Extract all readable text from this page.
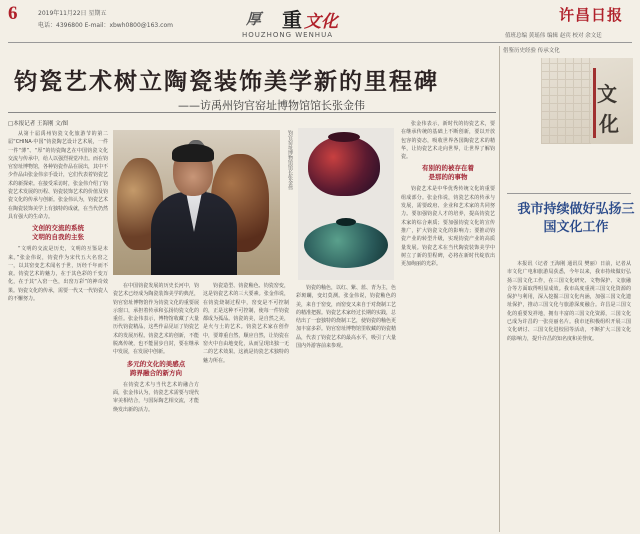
6	2019年11月22日 星期五
电话：4396800 E-mail：xbwh0800@163.com	厚 重 文化
HOUZHONG WENHUA
许昌日报
值班总编 黄瑶伟 编辑 赵宾 校对 余文廷
钧瓷艺术树立陶瓷装饰美学新的里程碑
——访禹州钧官窑址博物馆馆长张金伟
□本报记者 王海刚 文/图
从第十届禹州钧瓷文化旅游节的第二届“CHINA·中国”钧瓷陶艺设计艺术展，一件一件“薄”、“厚”的钧瓷陶艺在中国钧瓷文化交流与传承中，给人以强烈视觉冲击。而在钧官窑址博物馆，各种钧瓷作品在展出，其中不少作品由张金伟亲手设计，它们代表着钧瓷艺术的新探索。在接受采访时，张金伟介绍了钧瓷艺术发展的历程、钧瓷装饰艺术的价值及钧瓷文化的传承与创新。张金伟认为，钧瓷艺术在陶瓷装饰美学上有独特的成就，在当代仍然具有强大的生命力。
文创的交流的系统
文明的自我的主张
“文明的交流是历史，文明的互鉴是未来。”张金伟说，钧瓷作为宋代五大名窑之一，以其窑变艺术闻名于世，历经千年而不衰。钧瓷艺术的魅力，在于其色彩的千变万化，在于其“入窑一色，出窑万彩”的神奇效果。钧瓷文化的传承，需要一代又一代钧瓷人的不懈努力。
钧官窑址博物馆馆长张金伟
在中国钧瓷发展的历史长河中，钧瓷艺术已经成为陶瓷装饰美学的典范，钧官窑址博物馆作为钧瓷文化的重要展示窗口，承担着传承和弘扬钧瓷文化的重任。张金伟表示，博物馆收藏了大量历代钧瓷精品，这些作品见证了钧瓷艺术的发展历程。钧瓷艺术的创新，不能脱离传统，也不能固步自封，要在继承中发展，在发展中创新。
多元的文化的美感点
跨界融合的新方向
在钧瓷艺术与当代艺术的融合方面，张金伟认为，钧瓷艺术需要与现代审美相结合，与国际陶艺相交流，才能焕发出新的活力。
钧瓷造型、钧瓷釉色、钧瓷窑变，这是钧瓷艺术的三大要素。张金伟说，在钧瓷烧制过程中，窑变是不可控制的，正是这种不可控制，使每一件钧瓷都成为孤品。钧瓷的美，是自然之美，是火与土的艺术。钧瓷艺术家在创作中，要尊重自然，顺应自然，让钧瓷在窑火中自由地变化，从而呈现出独一无二的艺术效果。这就是钧瓷艺术独特的魅力所在。
钧瓷的釉色，以红、紫、蓝、青为主，色彩斑斓，变幻莫测。张金伟说，钧瓷釉色的美，来自于窑变，而窑变又来自于对烧制工艺的精准把握。钧瓷艺术家经过长期的实践，总结出了一套独特的烧制工艺，使钧瓷的釉色更加丰富多彩。钧官窑址博物馆里收藏的钧瓷精品，代表了钧瓷艺术的最高水平，吸引了大量国内外游客前来参观。
张金伟表示，新时代的钧瓷艺术，要在继承传统的基础上不断创新，要以开放包容的姿态，吸收世界各国陶瓷艺术的精华，让钧瓷艺术走向世界，让世界了解钧瓷。
有别的的被存在着
是那的的事物
钧瓷艺术是中华优秀传统文化的重要组成部分。张金伟说，钧瓷艺术的传承与发展，需要政府、企业和艺术家的共同努力。要加强钧瓷人才的培养，提高钧瓷艺术家的综合素质；要加强钧瓷文化的宣传推广，扩大钧瓷文化的影响力；要推动钧瓷产业的转型升级，实现钧瓷产业的高质量发展。钧瓷艺术在当代陶瓷装饰美学中树立了新的里程碑，必将在新时代绽放出更加绚丽的光彩。
借鉴历史经验 传承文化
文
化
我市持续做好弘扬三国文化工作
本报讯（记者 王海刚 通讯员 樊丽）日前，记者从市文化广电和旅游局获悉，今年以来，我市持续做好弘扬三国文化工作，在三国文化研究、文物保护、文旅融合等方面取得明显成效。我市高度重视三国文化资源的保护与利用，深入挖掘三国文化内涵，加强三国文化遗址保护，推动三国文化与旅游深度融合。许昌是三国文化的重要发祥地，拥有丰富的三国文化资源，三国文化已成为许昌的一张亮丽名片。我市还积极组织开展三国文化研讨、三国文化进校园等活动，不断扩大三国文化的影响力，提升许昌的知名度和美誉度。
